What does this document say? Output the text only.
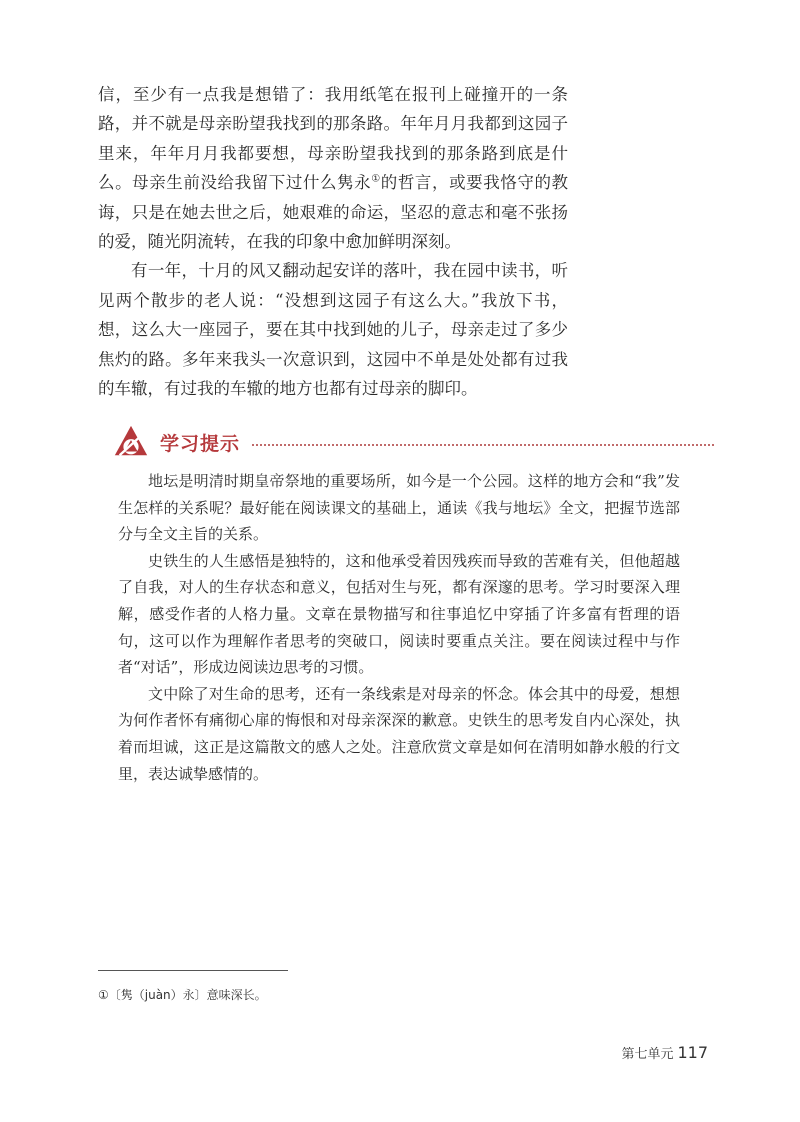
信，至少有一点我是想错了：我用纸笔在报刊上碰撞开的一条路，并不就是母亲盼望我找到的那条路。年年月月我都到这园子里来，年年月月我都要想，母亲盼望我找到的那条路到底是什么。母亲生前没给我留下过什么隽永①的哲言，或要我恪守的教诲，只是在她去世之后，她艰难的命运，坚忍的意志和毫不张扬的爱，随光阴流转，在我的印象中愈加鲜明深刻。

有一年，十月的风又翻动起安详的落叶，我在园中读书，听见两个散步的老人说：“没想到这园子有这么大。”我放下书，想，这么大一座园子，要在其中找到她的儿子，母亲走过了多少焦灼的路。多年来我头一次意识到，这园中不单是处处都有过我的车辙，有过我的车辙的地方也都有过母亲的脚印。

学习提示

地坛是明清时期皇帝祭地的重要场所，如今是一个公园。这样的地方会和“我”发生怎样的关系呢？最好能在阅读课文的基础上，通读《我与地坛》全文，把握节选部分与全文主旨的关系。

史铁生的人生感悟是独特的，这和他承受着因残疾而导致的苦难有关，但他超越了自我，对人的生存状态和意义，包括对生与死，都有深邃的思考。学习时要深入理解，感受作者的人格力量。文章在景物描写和往事追忆中穿插了许多富有哲理的语句，这可以作为理解作者思考的突破口，阅读时要重点关注。要在阅读过程中与作者“对话”，形成边阅读边思考的习惯。

文中除了对生命的思考，还有一条线索是对母亲的怀念。体会其中的母爱，想想为何作者怀有痛彻心扉的悔恨和对母亲深深的歉意。史铁生的思考发自内心深处，执着而坦诚，这正是这篇散文的感人之处。注意欣赏文章是如何在清明如静水般的行文里，表达诚挚感情的。

①〔隽（juàn）永〕意味深长。
第七单元 117
